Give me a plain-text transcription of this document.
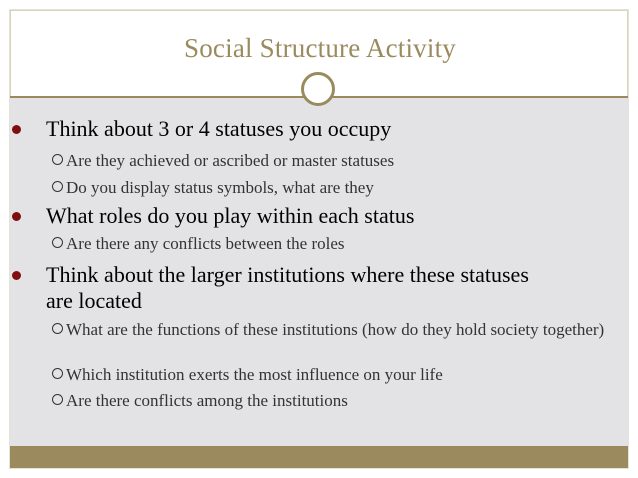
Social Structure Activity
Think about 3 or 4 statuses you occupy
Are they achieved or ascribed or master statuses
Do you display status symbols, what are they
What roles do you play within each status
Are there any conflicts between the roles
Think about the larger institutions where these statuses are located
What are the functions of these institutions (how do they hold society together)
Which institution exerts the most influence on your life
Are there conflicts among the institutions
